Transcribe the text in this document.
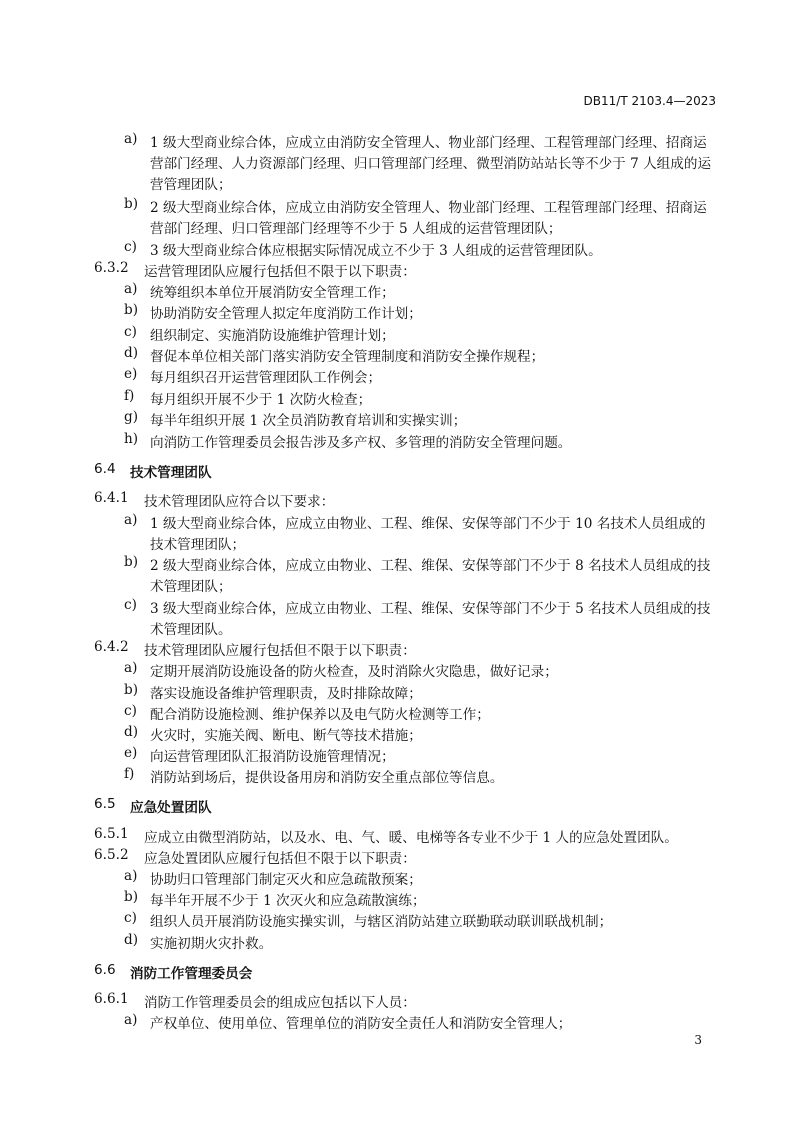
DB11/T 2103.4—2023
a) 1 级大型商业综合体，应成立由消防安全管理人、物业部门经理、工程管理部门经理、招商运
营部门经理、人力资源部门经理、归口管理部门经理、微型消防站站长等不少于 7 人组成的运
营管理团队；
b) 2 级大型商业综合体，应成立由消防安全管理人、物业部门经理、工程管理部门经理、招商运
营部门经理、归口管理部门经理等不少于 5 人组成的运营管理团队；
c) 3 级大型商业综合体应根据实际情况成立不少于 3 人组成的运营管理团队。
6.3.2 运营管理团队应履行包括但不限于以下职责：
a) 统筹组织本单位开展消防安全管理工作；
b) 协助消防安全管理人拟定年度消防工作计划；
c) 组织制定、实施消防设施维护管理计划；
d) 督促本单位相关部门落实消防安全管理制度和消防安全操作规程；
e) 每月组织召开运营管理团队工作例会；
f) 每月组织开展不少于 1 次防火检查；
g) 每半年组织开展 1 次全员消防教育培训和实操实训；
h) 向消防工作管理委员会报告涉及多产权、多管理的消防安全管理问题。
6.4 技术管理团队
6.4.1 技术管理团队应符合以下要求：
a) 1 级大型商业综合体，应成立由物业、工程、维保、安保等部门不少于 10 名技术人员组成的
技术管理团队；
b) 2 级大型商业综合体，应成立由物业、工程、维保、安保等部门不少于 8 名技术人员组成的技
术管理团队；
c) 3 级大型商业综合体，应成立由物业、工程、维保、安保等部门不少于 5 名技术人员组成的技
术管理团队。
6.4.2 技术管理团队应履行包括但不限于以下职责：
a) 定期开展消防设施设备的防火检查，及时消除火灾隐患，做好记录；
b) 落实设施设备维护管理职责，及时排除故障；
c) 配合消防设施检测、维护保养以及电气防火检测等工作；
d) 火灾时，实施关阀、断电、断气等技术措施；
e) 向运营管理团队汇报消防设施管理情况；
f) 消防站到场后，提供设备用房和消防安全重点部位等信息。
6.5 应急处置团队
6.5.1 应成立由微型消防站，以及水、电、气、暖、电梯等各专业不少于 1 人的应急处置团队。
6.5.2 应急处置团队应履行包括但不限于以下职责：
a) 协助归口管理部门制定灭火和应急疏散预案；
b) 每半年开展不少于 1 次灭火和应急疏散演练；
c) 组织人员开展消防设施实操实训，与辖区消防站建立联勤联动联训联战机制；
d) 实施初期火灾扑救。
6.6 消防工作管理委员会
6.6.1 消防工作管理委员会的组成应包括以下人员：
a) 产权单位、使用单位、管理单位的消防安全责任人和消防安全管理人；
3
